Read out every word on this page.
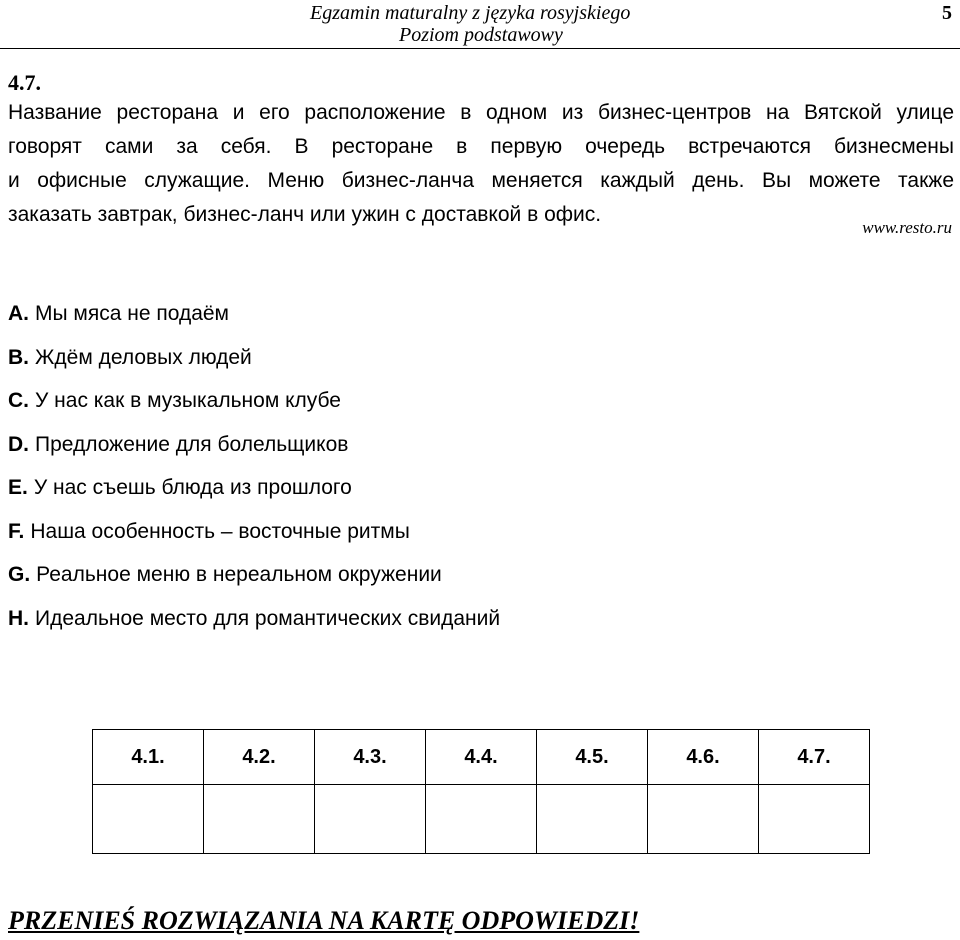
Egzamin maturalny z języka rosyjskiego
Poziom podstawowy
5
4.7.

Название ресторана и его расположение в одном из бизнес-центров на Вятской улице

говорят сами за себя. В ресторане в первую очередь встречаются бизнесмены

и офисные служащие. Меню бизнес-ланча меняется каждый день. Вы можете также

заказать завтрак, бизнес-ланч или ужин с доставкой в офис.

www.resto.ru
A. Мы мяса не подаём
B. Ждём деловых людей
C. У нас как в музыкальном клубе
D. Предложение для болельщиков
E. У нас съешь блюда из прошлого
F. Наша особенность – восточные ритмы
G. Реальное меню в нереальном окружении
H. Идеальное место для романтических свиданий
4.1.	4.2.	4.3.	4.4.	4.5.	4.6.	4.7.

PRZENIEŚ ROZWIĄZANIA NA KARTĘ ODPOWIEDZI!
